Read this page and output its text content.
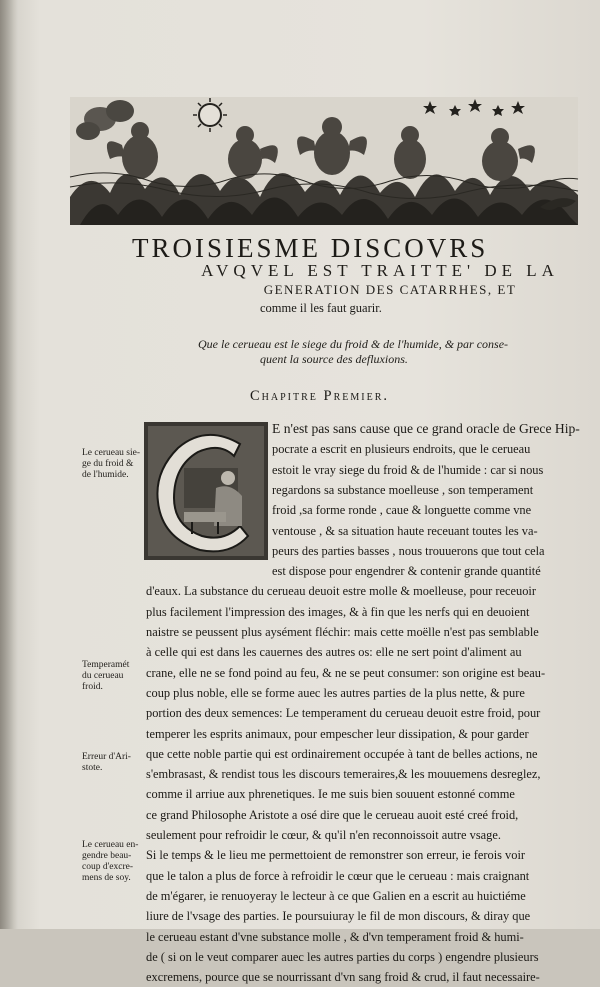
TROISIESME DISCOVRS
AVQVEL EST TRAITTE' DE LA
GENERATION DES CATARRHES, ET
comme il les faut guarir.
Que le cerueau est le siege du froid & de l'humide, & par conse-
quent la source des defluxions.
Chapitre Premier.
E n'est pas sans cause que ce grand oracle de Grece Hip-
pocrate a escrit en plusieurs endroits, que le cerueau
estoit le vray siege du froid & de l'humide : car si nous
regardons sa substance moelleuse , son temperament
froid ,sa forme ronde , caue & longuette comme vne
ventouse , & sa situation haute receuant toutes les va-
peurs des parties basses , nous trouuerons que tout cela
est dispose pour engendrer & contenir grande quantité
d'eaux. La substance du cerueau deuoit estre molle & moelleuse, pour receuoir
plus facilement l'impression des images, & à fin que les nerfs qui en deuoient
naistre se peussent plus aysément fléchir: mais cette moëlle n'est pas semblable
à celle qui est dans les cauernes des autres os: elle ne sert point d'aliment au
crane, elle ne se fond poind au feu, & ne se peut consumer: son origine est beau-
coup plus noble, elle se forme auec les autres parties de la plus nette, & pure
portion des deux semences: Le temperament du cerueau deuoit estre froid, pour
temperer les esprits animaux, pour empescher leur dissipation, & pour garder
que cette noble partie qui est ordinairement occupée à tant de belles actions, ne
s'embrasast, & rendist tous les discours temeraires,& les mouuemens desreglez,
comme il arriue aux phrenetiques. Ie me suis bien souuent estonné comme
ce grand Philosophe Aristote a osé dire que le cerueau auoit esté creé froid,
seulement pour refroidir le cœur, & qu'il n'en reconnoissoit autre vsage.
Si le temps & le lieu me permettoient de remonstrer son erreur, ie ferois voir
que le talon a plus de force à refroidir le cœur que le cerueau : mais craignant
de m'égarer, ie renuoyeray le lecteur à ce que Galien en a escrit au huictiéme
liure de l'vsage des parties. Ie poursuiuray le fil de mon discours, & diray que
le cerueau estant d'vne substance molle , & d'vn temperament froid & humi-
de ( si on le veut comparer auec les autres parties du corps ) engendre plusieurs
excremens, pource que se nourrissant d'vn sang froid & crud, il faut necessaire-
Le cerueau sie-
ge du froid &
de l'humide.
Temperamét
du cerueau
froid.
Erreur d'Ari-
stote.
Le cerueau en-
gendre beau-
coup d'excre-
mens de soy.
